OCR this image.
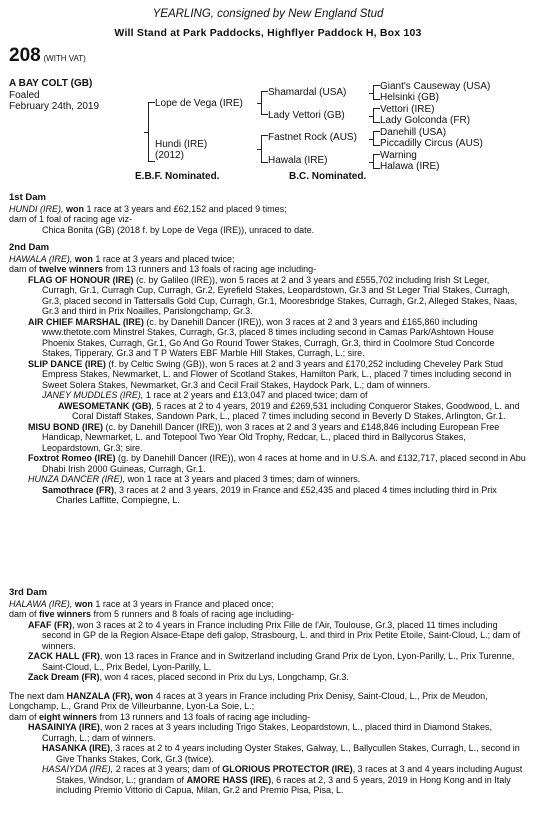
YEARLING, consigned by New England Stud
Will Stand at Park Paddocks, Highflyer Paddock H, Box 103
208 (WITH VAT)
A BAY COLT (GB)
Foaled
February 24th, 2019	Lope de Vega (IRE)
Hundi (IRE)
(2012)
Shamardal (USA)
Lady Vettori (GB)
Fastnet Rock (AUS)
Hawala (IRE)
Giant's Causeway (USA)
Helsinki (GB)
Vettori (IRE)
Lady Golconda (FR)
Danehill (USA)
Piccadilly Circus (AUS)
Warning
Halawa (IRE)
E.B.F. Nominated.	B.C. Nominated.
1st Dam
HUNDI (IRE), won 1 race at 3 years and £62,152 and placed 9 times;
dam of 1 foal of racing age viz-
Chica Bonita (GB) (2018 f. by Lope de Vega (IRE)), unraced to date.
2nd Dam
HAWALA (IRE), won 1 race at 3 years and placed twice;
dam of twelve winners from 13 runners and 13 foals of racing age including-
FLAG OF HONOUR (IRE) (c. by Galileo (IRE)), won 5 races at 2 and 3 years and £555,702 including Irish St Leger, Curragh, Gr.1, Curragh Cup, Curragh, Gr.2, Eyrefield Stakes, Leopardstown, Gr.3 and St Leger Trial Stakes, Curragh, Gr.3, placed second in Tattersalls Gold Cup, Curragh, Gr.1, Mooresbridge Stakes, Curragh, Gr.2, Alleged Stakes, Naas, Gr.3 and third in Prix Noailles, Parislongchamp, Gr.3.
AIR CHIEF MARSHAL (IRE) (c. by Danehill Dancer (IRE)), won 3 races at 2 and 3 years and £165,860 including www.thetote.com Minstrel Stakes, Curragh, Gr.3, placed 8 times including second in Camas Park/Ashtown House Phoenix Stakes, Curragh, Gr.1, Go And Go Round Tower Stakes, Curragh, Gr.3, third in Coolmore Stud Concorde Stakes, Tipperary, Gr.3 and T P Waters EBF Marble Hill Stakes, Curragh, L.; sire.
SLIP DANCE (IRE) (f. by Celtic Swing (GB)), won 5 races at 2 and 3 years and £170,252 including Cheveley Park Stud Empress Stakes, Newmarket, L. and Flower of Scotland Stakes, Hamilton Park, L., placed 7 times including second in Sweet Solera Stakes, Newmarket, Gr.3 and Cecil Frail Stakes, Haydock Park, L.; dam of winners.
JANEY MUDDLES (IRE), 1 race at 2 years and £13,047 and placed twice; dam of
AWESOMETANK (GB), 5 races at 2 to 4 years, 2019 and £269,531 including Conqueror Stakes, Goodwood, L. and Coral Distaff Stakes, Sandown Park, L., placed 7 times including second in Beverly D Stakes, Arlington, Gr.1.
MISU BOND (IRE) (c. by Danehill Dancer (IRE)), won 3 races at 2 and 3 years and £148,846 including European Free Handicap, Newmarket, L. and Totepool Two Year Old Trophy, Redcar, L., placed third in Ballycorus Stakes, Leopardstown, Gr.3; sire.
Foxtrot Romeo (IRE) (g. by Danehill Dancer (IRE)), won 4 races at home and in U.S.A. and £132,717, placed second in Abu Dhabi Irish 2000 Guineas, Curragh, Gr.1.
HUNZA DANCER (IRE), won 1 race at 3 years and placed 3 times; dam of winners.
Samothrace (FR), 3 races at 2 and 3 years, 2019 in France and £52,435 and placed 4 times including third in Prix Charles Laffitte, Compiegne, L.
3rd Dam
HALAWA (IRE), won 1 race at 3 years in France and placed once;
dam of five winners from 5 runners and 8 foals of racing age including-
AFAF (FR), won 3 races at 2 to 4 years in France including Prix Fille de l'Air, Toulouse, Gr.3, placed 11 times including second in GP de la Region Alsace-Etape defi galop, Strasbourg, L. and third in Prix Petite Etoile, Saint-Cloud, L.; dam of winners.
ZACK HALL (FR), won 13 races in France and in Switzerland including Grand Prix de Lyon, Lyon-Parilly, L., Prix Turenne, Saint-Cloud, L., Prix Bedel, Lyon-Parilly, L.
Zack Dream (FR), won 4 races, placed second in Prix du Lys, Longchamp, Gr.3.
The next dam HANZALA (FR), won 4 races at 3 years in France including Prix Denisy, Saint-Cloud, L., Prix de Meudon, Longchamp, L., Grand Prix de Villeurbanne, Lyon-La Soie, L.;
dam of eight winners from 13 runners and 13 foals of racing age including-
HASAINIYA (IRE), won 2 races at 3 years including Trigo Stakes, Leopardstown, L., placed third in Diamond Stakes, Curragh, L.; dam of winners.
HASANKA (IRE), 3 races at 2 to 4 years including Oyster Stakes, Galway, L., Ballycullen Stakes, Curragh, L., second in Give Thanks Stakes, Cork, Gr.3 (twice).
HASAIYDA (IRE), 2 races at 3 years; dam of GLORIOUS PROTECTOR (IRE), 3 races at 3 and 4 years including August Stakes, Windsor, L.; grandam of AMORE HASS (IRE), 6 races at 2, 3 and 5 years, 2019 in Hong Kong and in Italy including Premio Vittorio di Capua, Milan, Gr.2 and Premio Pisa, Pisa, L.
